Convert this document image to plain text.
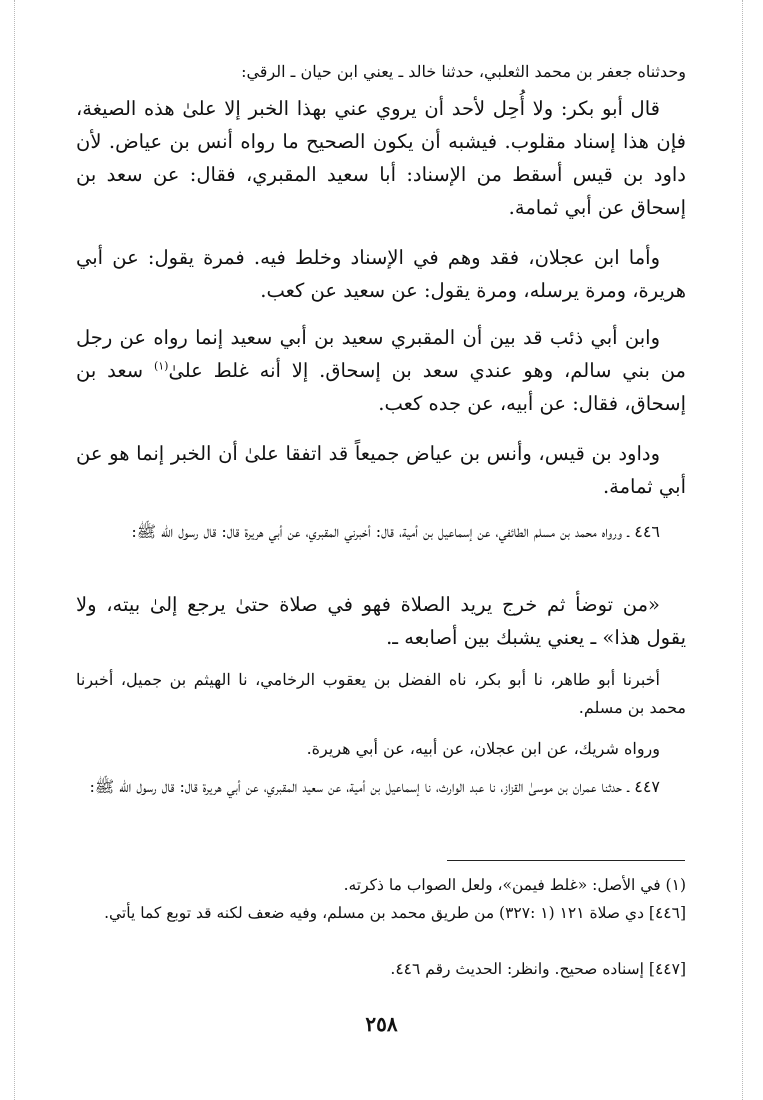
وحدثناه جعفر بن محمد الثعلبي، حدثنا خالد ـ يعني ابن حيان ـ الرقي:

قال أبو بكر: ولا أُحِل لأحد أن يروي عني بهذا الخبر إلا علىٰ هذه الصيغة، فإن هذا إسناد مقلوب. فيشبه أن يكون الصحيح ما رواه أنس بن عياض. لأن داود بن قيس أسقط من الإسناد: أبا سعيد المقبري، فقال: عن سعد بن إسحاق عن أبي ثمامة.

وأما ابن عجلان، فقد وهم في الإسناد وخلط فيه. فمرة يقول: عن أبي هريرة، ومرة يرسله، ومرة يقول: عن سعيد عن كعب.

وابن أبي ذئب قد بين أن المقبري سعيد بن أبي سعيد إنما رواه عن رجل من بني سالم، وهو عندي سعد بن إسحاق. إلا أنه غلط علىٰ$^{(١)}$ سعد بن إسحاق، فقال: عن أبيه، عن جده كعب.

وداود بن قيس، وأنس بن عياض جميعاً قد اتفقا علىٰ أن الخبر إنما هو عن أبي ثمامة.

٤٤٦ ـ ورواه محمد بن مسلم الطائفي، عن إسماعيل بن أمية، قال: أخبرني المقبري، عن أبي هريرة قال: قال رسول الله ﷺ:

«من توضأ ثم خرج يريد الصلاة فهو في صلاة حتىٰ يرجع إلىٰ بيته، ولا يقول هذا» ـ يعني يشبك بين أصابعه ـ.

أخبرنا أبو طاهر، نا أبو بكر، ناه الفضل بن يعقوب الرخامي، نا الهيثم بن جميل، أخبرنا محمد بن مسلم.

ورواه شريك، عن ابن عجلان، عن أبيه، عن أبي هريرة.

٤٤٧ ـ حدثنا عمران بن موسىٰ القزاز، نا عبد الوارث، نا إسماعيل بن أمية، عن سعيد المقبري، عن أبي هريرة قال: قال رسول الله ﷺ:

(١) في الأصل: «غلط فيمن»، ولعل الصواب ما ذكرته.

[٤٤٦] دي صلاة ١٢١ (١ :٣٢٧) من طريق محمد بن مسلم، وفيه ضعف لكنه قد توبع كما يأتي.

[٤٤٧] إسناده صحيح. وانظر: الحديث رقم ٤٤٦.

٢٥٨
